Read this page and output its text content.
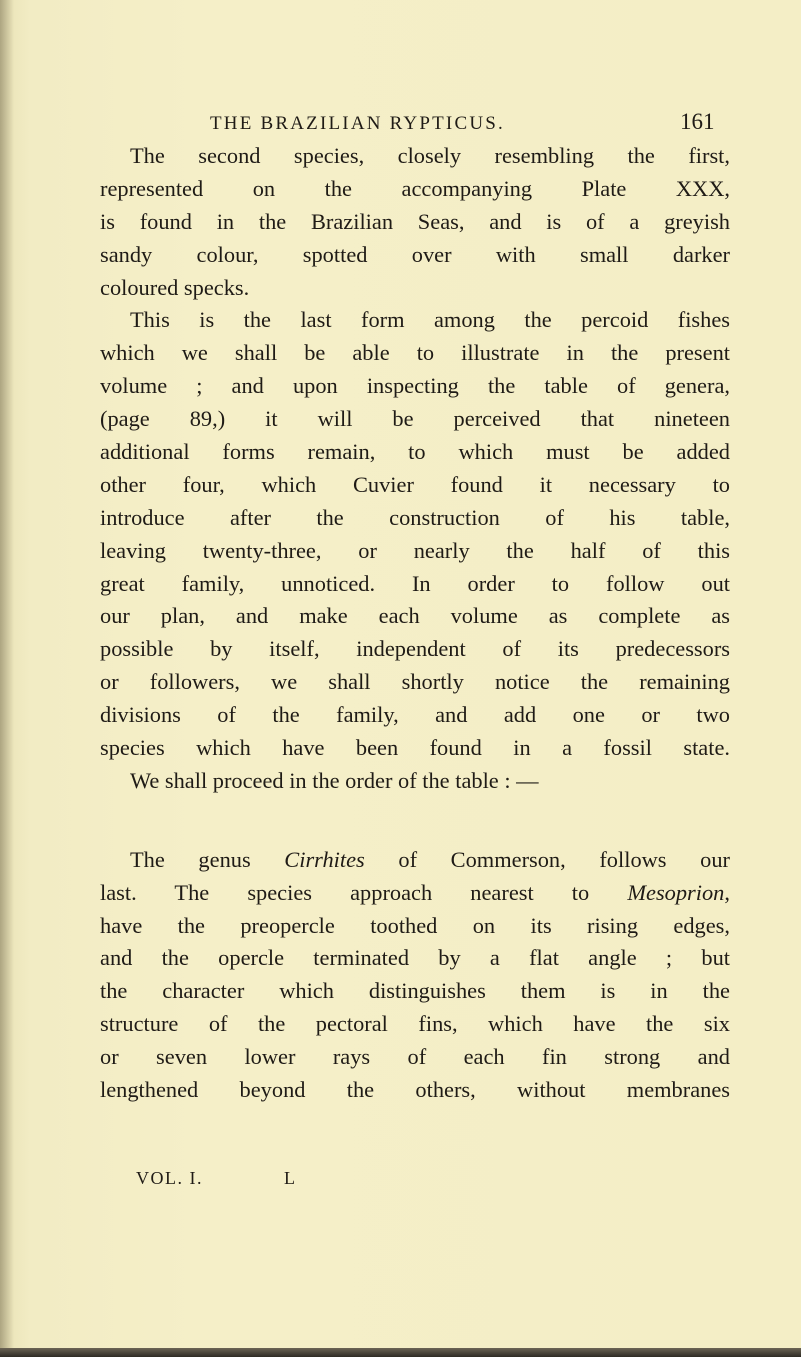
THE BRAZILIAN RYPTICUS.	161
The second species, closely resembling the first,
represented on the accompanying Plate XXX,
is found in the Brazilian Seas, and is of a greyish
sandy colour, spotted over with small darker
coloured specks.
This is the last form among the percoid fishes
which we shall be able to illustrate in the present
volume ; and upon inspecting the table of genera,
(page 89,) it will be perceived that nineteen
additional forms remain, to which must be added
other four, which Cuvier found it necessary to
introduce after the construction of his table,
leaving twenty-three, or nearly the half of this
great family, unnoticed. In order to follow out
our plan, and make each volume as complete as
possible by itself, independent of its predecessors
or followers, we shall shortly notice the remaining
divisions of the family, and add one or two
species which have been found in a fossil state.
We shall proceed in the order of the table : —
The genus Cirrhites of Commerson, follows our
last. The species approach nearest to Mesoprion,
have the preopercle toothed on its rising edges,
and the opercle terminated by a flat angle ; but
the character which distinguishes them is in the
structure of the pectoral fins, which have the six
or seven lower rays of each fin strong and
lengthened beyond the others, without membranes
VOL. I.	L
